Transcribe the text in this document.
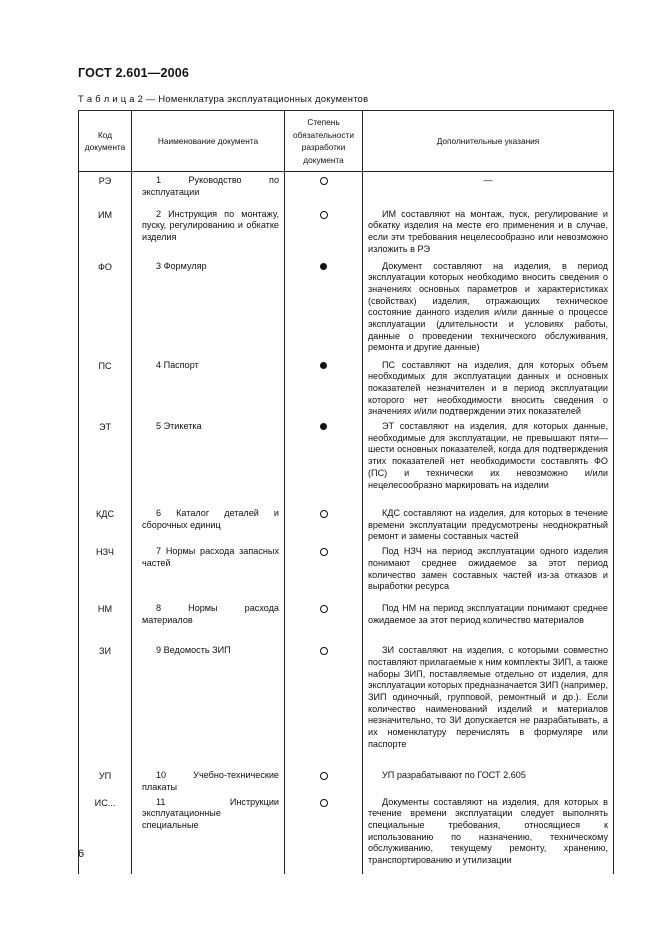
ГОСТ 2.601—2006
Т а б л и ц а 2 — Номенклатура эксплуатационных документов
Код документа	Наименование документа	Степень обязательности разработки документа	Дополнительные указания
РЭ	1 Руководство по эксплуатации		—
ИМ	2 Инструкция по монтажу, пуску, регулированию и обкатке изделия		ИМ составляют на монтаж, пуск, регулирование и обкатку изделия на месте его применения и в случае, если эти требования нецелесообразно или невозможно изложить в РЭ
ФО	3 Формуляр		Документ составляют на изделия, в период эксплуатации которых необходимо вносить сведения о значениях основных параметров и характеристиках (свойствах) изделия, отражающих техническое состояние данного изделия и/или данные о процессе эксплуатации (длительности и условиях работы, данные о проведении технического обслуживания, ремонта и другие данные)
ПС	4 Паспорт		ПС составляют на изделия, для которых объем необходимых для эксплуатации данных и основных показателей незначителен и в период эксплуатации которого нет необходимости вносить сведения о значениях и/или подтверждении этих показателей
ЭТ	5 Этикетка		ЭТ составляют на изделия, для которых данные, необходимые для эксплуатации, не превышают пяти—шести основных показателей, когда для подтверждения этих показателей нет необходимости составлять ФО (ПС) и технически их невозможно и/или нецелесообразно маркировать на изделии
КДС	6 Каталог деталей и сборочных единиц		КДС составляют на изделия, для которых в течение времени эксплуатации предусмотрены неоднократный ремонт и замены составных частей
НЗЧ	7 Нормы расхода запасных частей		Под НЗЧ на период эксплуатации одного изделия понимают среднее ожидаемое за этот период количество замен составных частей из-за отказов и выработки ресурса
НМ	8 Нормы расхода материалов		Под НМ на период эксплуатации понимают среднее ожидаемое за этот период количество материалов
ЗИ	9 Ведомость ЗИП		ЗИ составляют на изделия, с которыми совместно поставляют прилагаемые к ним комплекты ЗИП, а также наборы ЗИП, поставляемые отдельно от изделия, для эксплуатации которых предназначается ЗИП (например, ЗИП одиночный, групповой, ремонтный и др.). Если количество наименований изделий и материалов незначительно, то ЗИ допускается не разрабатывать, а их номенклатуру перечислять в формуляре или паспорте
УП	10 Учебно-технические плакаты		УП разрабатывают по ГОСТ 2.605
ИС...	11 Инструкции эксплуатационные специальные		Документы составляют на изделия, для которых в течение времени эксплуатации следует выполнять специальные требования, относящиеся к использованию по назначению, техническому обслуживанию, текущему ремонту, хранению, транспортированию и утилизации
6
